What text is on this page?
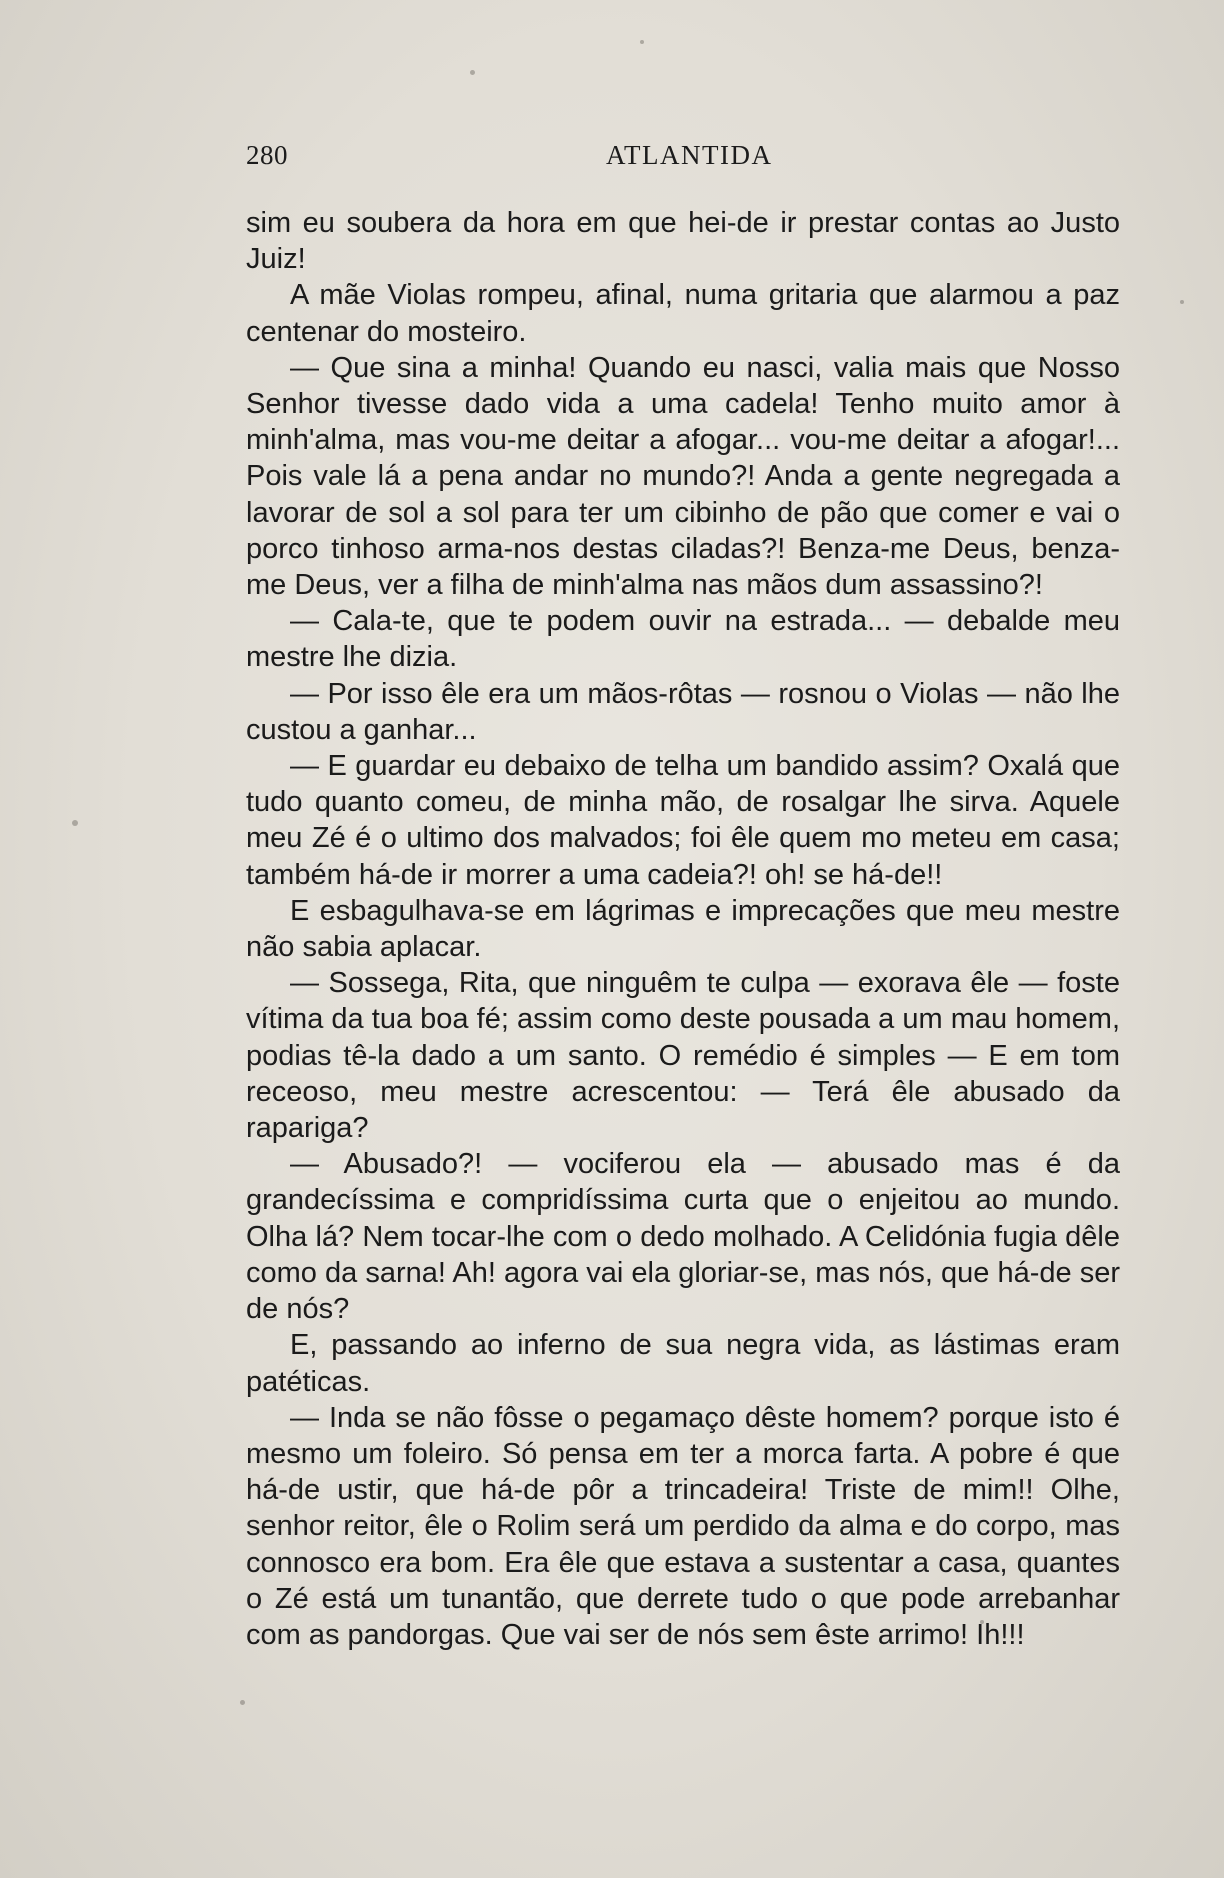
280	ATLANTIDA

sim eu soubera da hora em que hei-de ir prestar contas ao Justo Juiz!

A mãe Violas rompeu, afinal, numa gritaria que alarmou a paz centenar do mosteiro.

— Que sina a minha! Quando eu nasci, valia mais que Nosso Senhor tivesse dado vida a uma cadela! Tenho muito amor à minh'alma, mas vou-me deitar a afogar... vou-me deitar a afogar!... Pois vale lá a pena andar no mundo?! Anda a gente negregada a lavorar de sol a sol para ter um cibinho de pão que comer e vai o porco tinhoso arma-nos destas ciladas?! Benza-me Deus, benza-me Deus, ver a filha de minh'alma nas mãos dum assassino?!

— Cala-te, que te podem ouvir na estrada... — debalde meu mestre lhe dizia.

— Por isso êle era um mãos-rôtas — rosnou o Violas — não lhe custou a ganhar...

— E guardar eu debaixo de telha um bandido assim? Oxalá que tudo quanto comeu, de minha mão, de rosalgar lhe sirva. Aquele meu Zé é o ultimo dos malvados; foi êle quem mo meteu em casa; também há-de ir morrer a uma cadeia?! oh! se há-de!!

E esbagulhava-se em lágrimas e imprecações que meu mestre não sabia aplacar.

— Sossega, Rita, que ninguêm te culpa — exorava êle — foste vítima da tua boa fé; assim como deste pousada a um mau homem, podias tê-la dado a um santo. O remédio é simples — E em tom receoso, meu mestre acrescentou: — Terá êle abusado da rapariga?

— Abusado?! — vociferou ela — abusado mas é da grandecíssima e compridíssima curta que o enjeitou ao mundo. Olha lá? Nem tocar-lhe com o dedo molhado. A Celidónia fugia dêle como da sarna! Ah! agora vai ela gloriar-se, mas nós, que há-de ser de nós?

E, passando ao inferno de sua negra vida, as lástimas eram patéticas.

— Inda se não fôsse o pegamaço dêste homem? porque isto é mesmo um foleiro. Só pensa em ter a morca farta. A pobre é que há-de ustir, que há-de pôr a trincadeira! Triste de mim!! Olhe, senhor reitor, êle o Rolim será um perdido da alma e do corpo, mas connosco era bom. Era êle que estava a sustentar a casa, quantes o Zé está um tunantão, que derrete tudo o que pode arrebanhar com as pandorgas. Que vai ser de nós sem êste arrimo! Ih!!!
